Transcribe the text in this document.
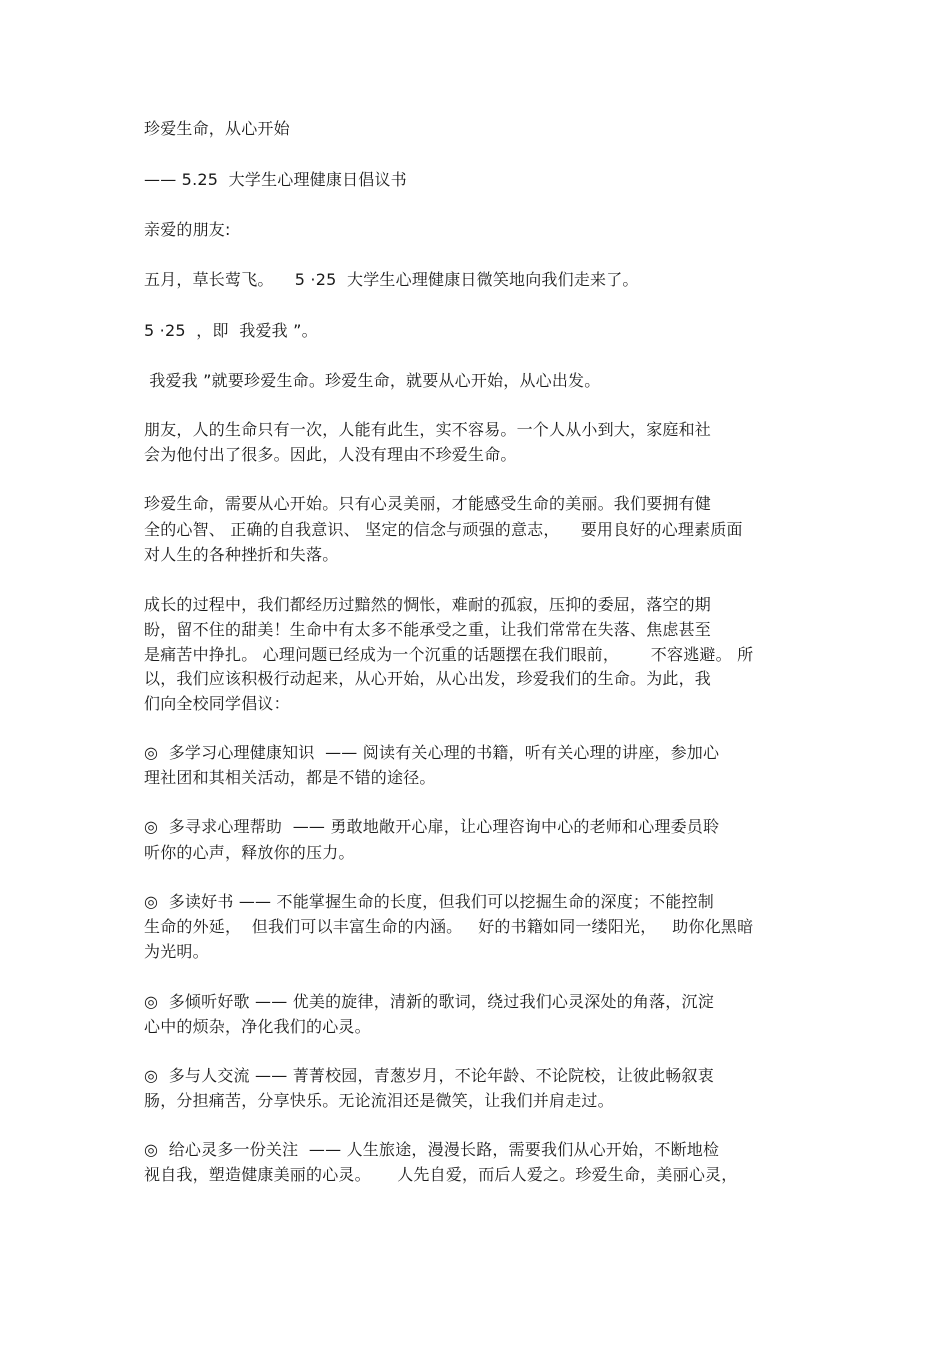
珍爱生命，从心开始

—— 5.25  大学生心理健康日倡议书

亲爱的朋友:

五月，草长莺飞。    5 ·25  大学生心理健康日微笑地向我们走来了。

5 ·25  ，即  我爱我 ”。

我爱我 ”就要珍爱生命。珍爱生命，就要从心开始，从心出发。

朋友，人的生命只有一次，人能有此生，实不容易。一个人从小到大，家庭和社

会为他付出了很多。因此，人没有理由不珍爱生命。

珍爱生命，需要从心开始。只有心灵美丽，才能感受生命的美丽。我们要拥有健

全的心智、 正确的自我意识、 坚定的信念与顽强的意志，    要用良好的心理素质面

对人生的各种挫折和失落。

成长的过程中，我们都经历过黯然的惆怅，难耐的孤寂，压抑的委屈，落空的期

盼，留不住的甜美！生命中有太多不能承受之重，让我们常常在失落、焦虑甚至

是痛苦中挣扎。 心理问题已经成为一个沉重的话题摆在我们眼前，      不容逃避。 所

以，我们应该积极行动起来，从心开始，从心出发，珍爱我们的生命。为此，我

们向全校同学倡议：

◎  多学习心理健康知识  —— 阅读有关心理的书籍，听有关心理的讲座，参加心

理社团和其相关活动，都是不错的途径。

◎  多寻求心理帮助  —— 勇敢地敞开心扉，让心理咨询中心的老师和心理委员聆

听你的心声，释放你的压力。

◎  多读好书 —— 不能掌握生命的长度，但我们可以挖掘生命的深度；不能控制

生命的外延，  但我们可以丰富生命的内涵。   好的书籍如同一缕阳光，   助你化黑暗

为光明。

◎  多倾听好歌 —— 优美的旋律，清新的歌词，绕过我们心灵深处的角落，沉淀

心中的烦杂，净化我们的心灵。

◎  多与人交流 —— 菁菁校园，青葱岁月，不论年龄、不论院校，让彼此畅叙衷

肠，分担痛苦，分享快乐。无论流泪还是微笑，让我们并肩走过。

◎  给心灵多一份关注  —— 人生旅途，漫漫长路，需要我们从心开始，不断地检

视自我，塑造健康美丽的心灵。     人先自爱，而后人爱之。珍爱生命，美丽心灵，
